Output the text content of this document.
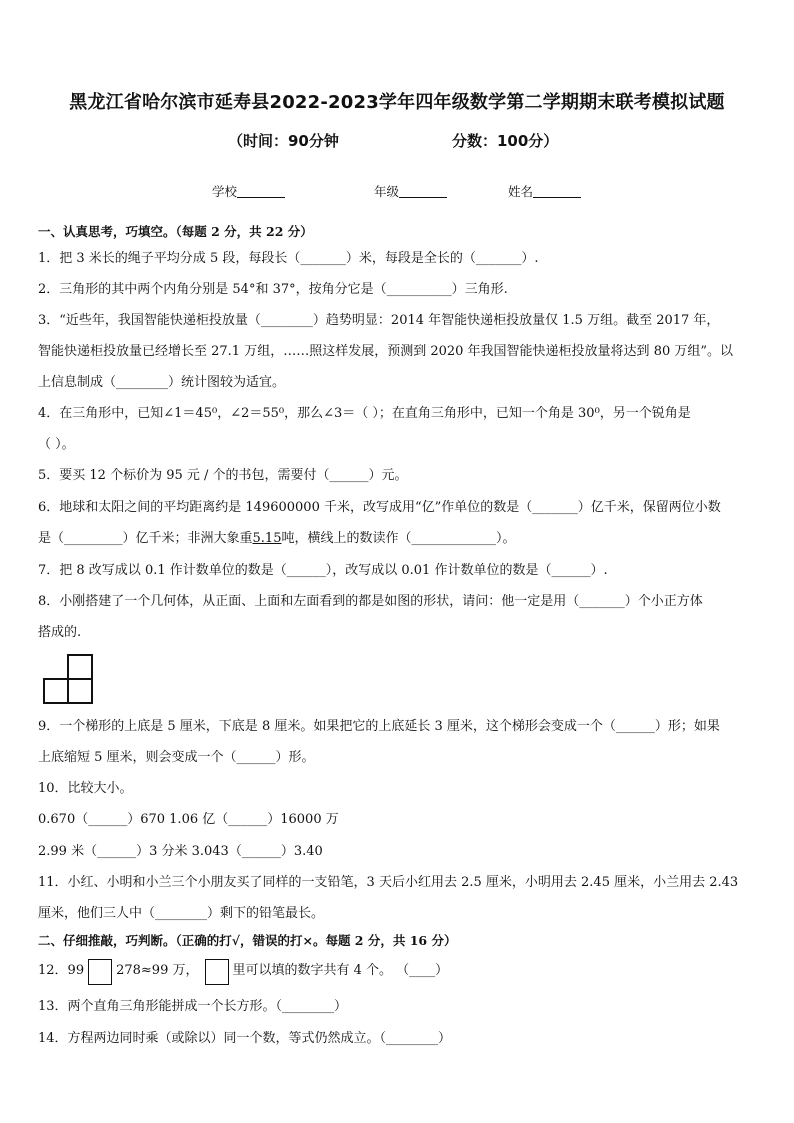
黑龙江省哈尔滨市延寿县2022-2023学年四年级数学第二学期期末联考模拟试题
（时间：90分钟	分数：100分）
学校	年级	姓名
一、认真思考，巧填空。（每题 2 分，共 22 分）
1．把 3 米长的绳子平均分成 5 段，每段长（_______）米，每段是全长的（_______）.
2．三角形的其中两个内角分别是 54°和 37°，按角分它是（__________）三角形.
3．“近些年，我国智能快递柜投放量（________）趋势明显：2014 年智能快递柜投放量仅 1.5 万组。截至 2017 年，
智能快递柜投放量已经增长至 27.1 万组，……照这样发展，预测到 2020 年我国智能快递柜投放量将达到 80 万组”。以
上信息制成（________）统计图较为适宜。
4．在三角形中，已知∠1＝45⁰，∠2＝55⁰，那么∠3＝（ ）；在直角三角形中，已知一个角是 30⁰，另一个锐角是
（ ）。
5．要买 12 个标价为 95 元 / 个的书包，需要付（______）元。
6．地球和太阳之间的平均距离约是 149600000 千米，改写成用“亿”作单位的数是（_______）亿千米，保留两位小数
是（_________）亿千米；非洲大象重5.15吨，横线上的数读作（_____________）。
7．把 8 改写成以 0.1 作计数单位的数是（______），改写成以 0.01 作计数单位的数是（______）.
8．小刚搭建了一个几何体，从正面、上面和左面看到的都是如图的形状，请问：他一定是用（_______）个小正方体
搭成的.
9．一个梯形的上底是 5 厘米，下底是 8 厘米。如果把它的上底延长 3 厘米，这个梯形会变成一个（______）形；如果
上底缩短 5 厘米，则会变成一个（______）形。
10．比较大小。
0.670（______）670 1.06 亿（______）16000 万
2.99 米（______）3 分米 3.043（______）3.40
11．小红、小明和小兰三个小朋友买了同样的一支铅笔，3 天后小红用去 2.5 厘米，小明用去 2.45 厘米，小兰用去 2.43
厘米，他们三人中（________）剩下的铅笔最长。
二、仔细推敲，巧判断。（正确的打√，错误的打×。每题 2 分，共 16 分）
12．99 278≈99 万，	里可以填的数字共有 4 个。 （____）
13．两个直角三角形能拼成一个长方形。（________）
14．方程两边同时乘（或除以）同一个数，等式仍然成立。（________）
